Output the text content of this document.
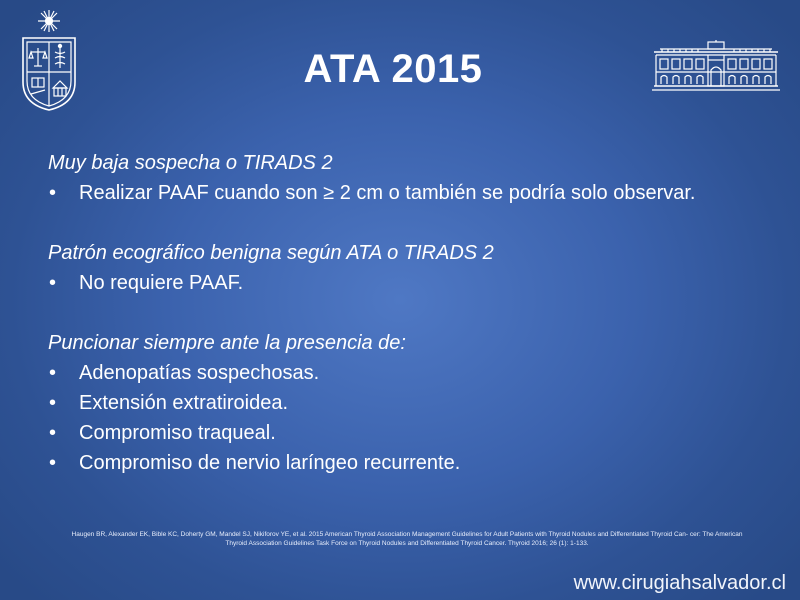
ATA 2015
Muy baja sospecha o TIRADS 2
• Realizar PAAF cuando son ≥ 2 cm o también se podría solo observar.
Patrón ecográfico benigna según ATA o TIRADS 2
• No requiere PAAF.
Puncionar siempre ante la presencia de:
• Adenopatías sospechosas.
• Extensión extratiroidea.
• Compromiso traqueal.
• Compromiso de nervio laríngeo recurrente.
Haugen BR, Alexander EK, Bible KC, Doherty GM, Mandel SJ, Nikiforov YE, et al. 2015 American Thyroid Association Management Guidelines for Adult Patients with Thyroid Nodules and Differentiated Thyroid Can- cer: The American Thyroid Association Guidelines Task Force on Thyroid Nodules and Differentiated Thyroid Cancer. Thyroid 2016; 26 (1): 1-133.
www.cirugiahsalvador.cl
